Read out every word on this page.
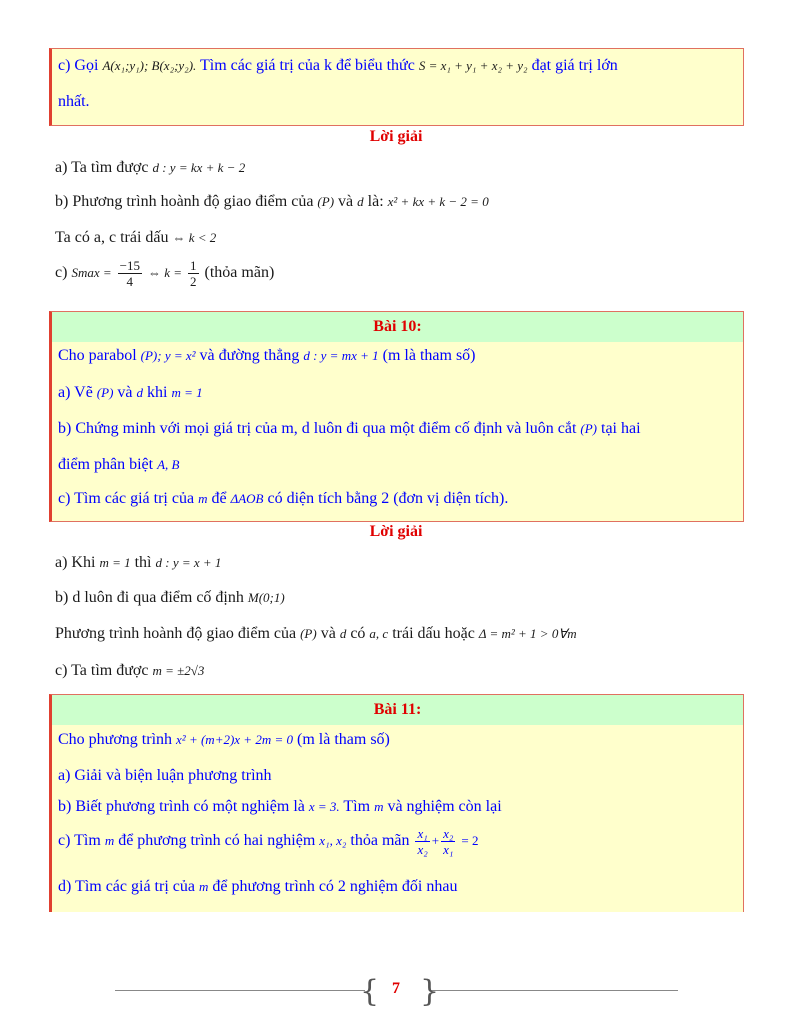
c) Gọi A(x₁;y₁); B(x₂;y₂). Tìm các giá trị của k để biểu thức S = x₁ + y₁ + x₂ + y₂ đạt giá trị lớn
nhất.
Lời giải
a) Ta tìm được d : y = kx + k − 2
b) Phương trình hoành độ giao điểm của (P) và d là: x² + kx + k − 2 = 0
Ta có a, c trái dấu ⇔ k < 2
c) $Smax = \frac{-15}{4}$ ⇔ $k = \frac{1}{2}$ (thỏa mãn)
Bài 10:
Cho parabol (P); y = x² và đường thẳng d : y = mx + 1 (m là tham số)
a) Vẽ (P) và d khi m = 1
b) Chứng minh với mọi giá trị của m, d luôn đi qua một điểm cố định và luôn cắt (P) tại hai
điểm phân biệt A, B
c) Tìm các giá trị của m để ΔAOB có diện tích bằng 2 (đơn vị diện tích).
Lời giải
a) Khi m = 1 thì d : y = x + 1
b) d luôn đi qua điểm cố định M(0;1)
Phương trình hoành độ giao điểm của (P) và d có a, c trái dấu hoặc Δ = m² + 1 > 0∀m
c) Ta tìm được m = ±2√3
Bài 11:
Cho phương trình x² + (m+2)x + 2m = 0 (m là tham số)
a) Giải và biện luận phương trình
b) Biết phương trình có một nghiệm là x = 3. Tìm m và nghiệm còn lại
c) Tìm m để phương trình có hai nghiệm x₁, x₂ thỏa mãn $\frac{\text{x₁}}{\text{x₂}} + \frac{\text{x₂}}{\text{x₁}} = 2$
d) Tìm các giá trị của m để phương trình có 2 nghiệm đối nhau
{ }
7
